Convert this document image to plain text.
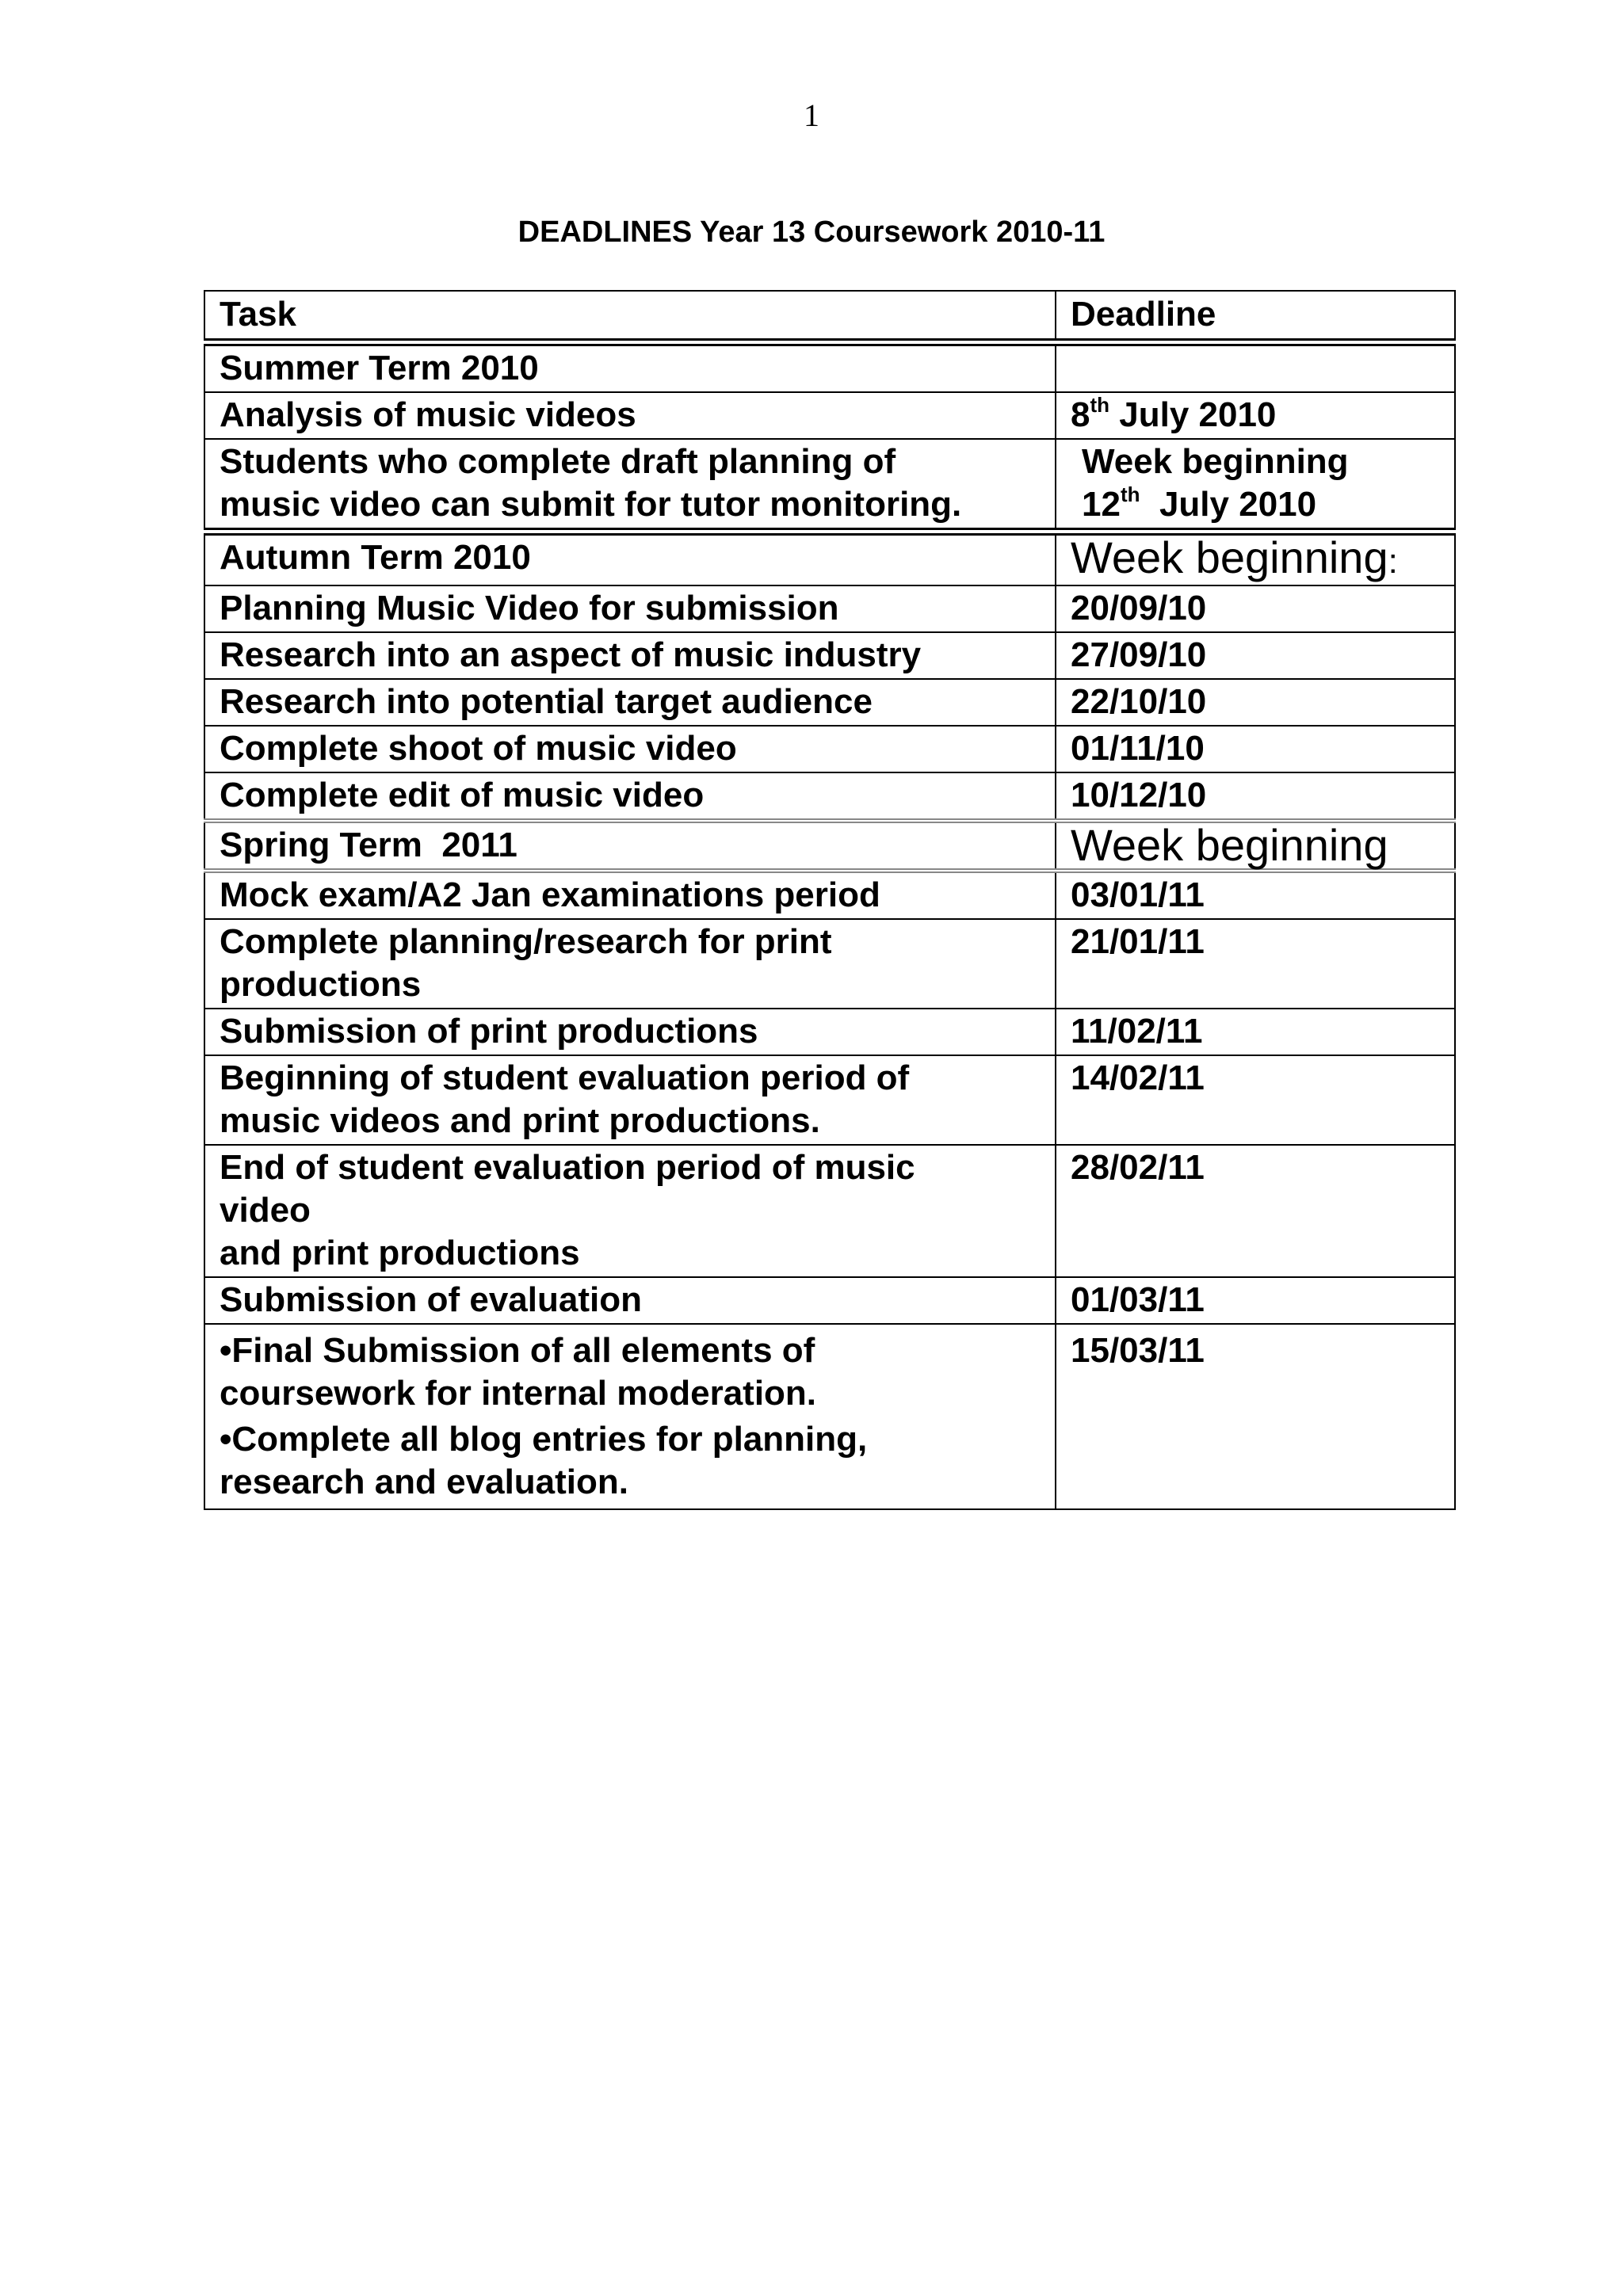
1
DEADLINES Year 13 Coursework 2010-11
Task	Deadline
Summer Term 2010	
Analysis of music videos	8th July 2010

Students who complete draft planning of
music video can submit for tutor monitoring.	Week beginning
12th  July 2010
Autumn Term 2010	Week beginning:
Planning Music Video for submission	20/09/10
Research into an aspect of music industry	27/09/10
Research into potential target audience	22/10/10
Complete shoot of music video	01/11/10
Complete edit of music video	10/12/10
Spring Term  2011	Week beginning
Mock exam/A2 Jan examinations period	03/01/11

Complete planning/research for print
productions	21/01/11
Submission of print productions	11/02/11

Beginning of student evaluation period of
music videos and print productions.	14/02/11

End of student evaluation period of music
video
and print productions	28/02/11
Submission of evaluation	01/03/11

•Final Submission of all elements of
coursework for internal moderation.
•Complete all blog entries for planning,
research and evaluation.	15/03/11
